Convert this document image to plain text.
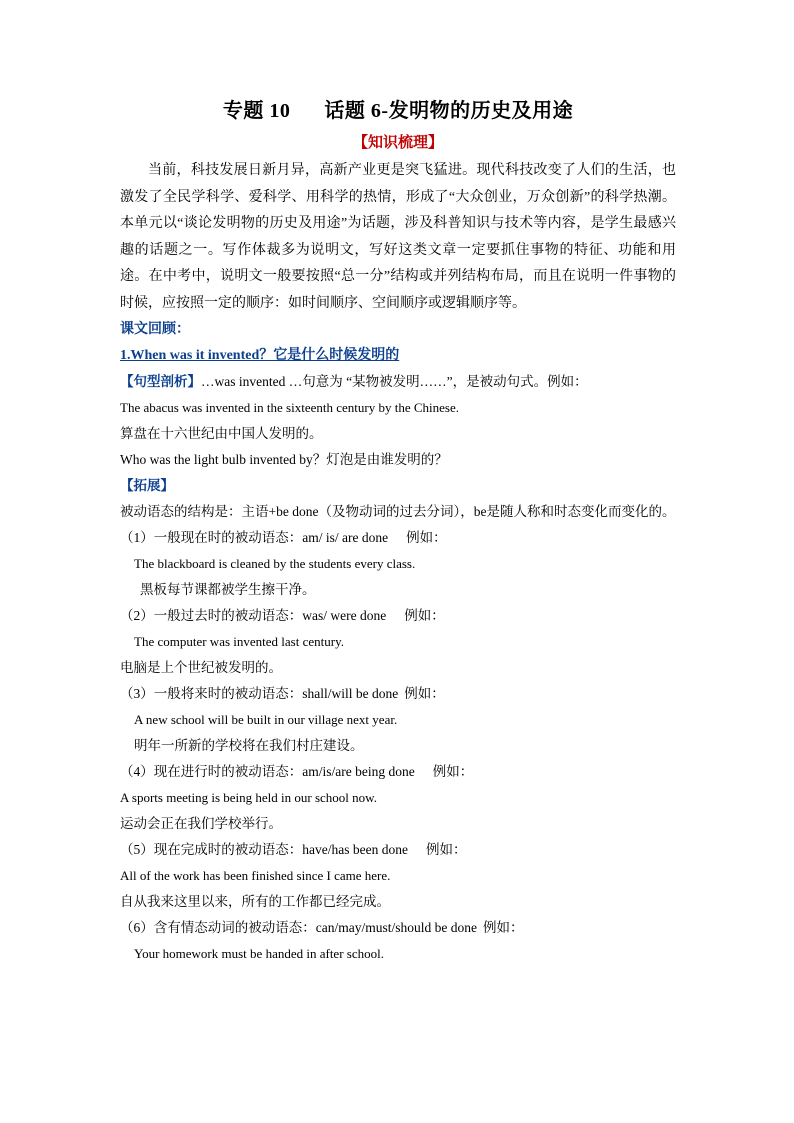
专题 10 话题 6-发明物的历史及用途
【知识梳理】

当前，科技发展日新月异，高新产业更是突飞猛进。现代科技改变了人们的生活，也激发了全民学科学、爱科学、用科学的热情，形成了“大众创业，万众创新”的科学热潮。本单元以“谈论发明物的历史及用途”为话题，涉及科普知识与技术等内容，是学生最感兴趣的话题之一。写作体裁多为说明文，写好这类文章一定要抓住事物的特征、功能和用途。在中考中，说明文一般要按照“总一分”结构或并列结构布局，而且在说明一件事物的时候，应按照一定的顺序：如时间顺序、空间顺序或逻辑顺序等。

课文回顾：

1.When was it invented？它是什么时候发明的

【句型剖析】…was invented …句意为 “某物被发明……”，是被动句式。例如：

The abacus was invented in the sixteenth century by the Chinese.

算盘在十六世纪由中国人发明的。

Who was the light bulb invented by？灯泡是由谁发明的？

【拓展】

被动语态的结构是：主语+be done（及物动词的过去分词），be是随人称和时态变化而变化的。

（1）一般现在时的被动语态：am/ is/ are done 例如：

The blackboard is cleaned by the students every class.

黑板每节课都被学生擦干净。

（2）一般过去时的被动语态：was/ were done 例如：

The computer was invented last century.

电脑是上个世纪被发明的。

（3）一般将来时的被动语态：shall/will be done 例如：

A new school will be built in our village next year.

明年一所新的学校将在我们村庄建设。

（4）现在进行时的被动语态：am/is/are being done 例如：

A sports meeting is being held in our school now.

运动会正在我们学校举行。

（5）现在完成时的被动语态：have/has been done 例如：

All of the work has been finished since I came here.

自从我来这里以来，所有的工作都已经完成。

（6）含有情态动词的被动语态：can/may/must/should be done 例如：

Your homework must be handed in after school.
